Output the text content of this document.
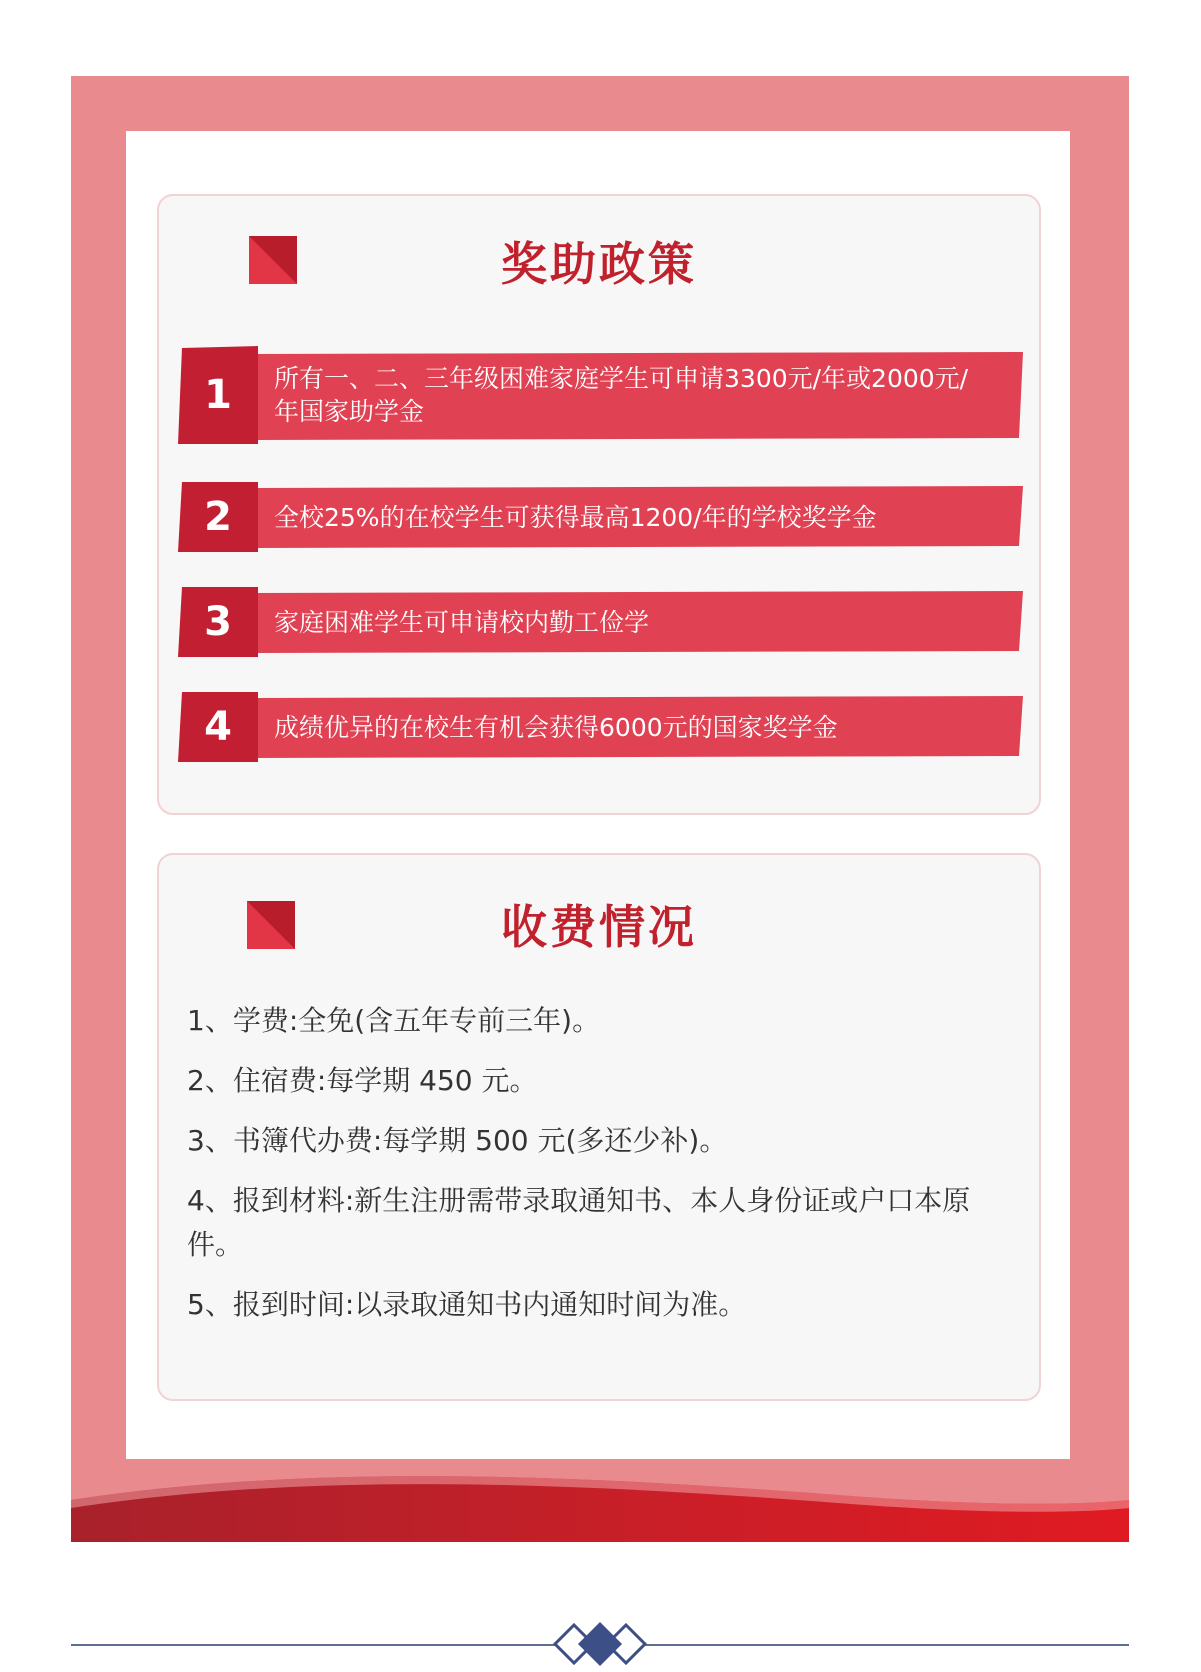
奖助政策
1	所有一、二、三年级困难家庭学生可申请3300元/年或2000元/年国家助学金
2	全校25%的在校学生可获得最高1200/年的学校奖学金
3	家庭困难学生可申请校内勤工俭学
4	成绩优异的在校生有机会获得6000元的国家奖学金
收费情况
1、学费:全免(含五年专前三年)。
2、住宿费:每学期 450 元。
3、书簿代办费:每学期 500 元(多还少补)。
4、报到材料:新生注册需带录取通知书、本人身份证或户口本原件。
5、报到时间:以录取通知书内通知时间为准。
